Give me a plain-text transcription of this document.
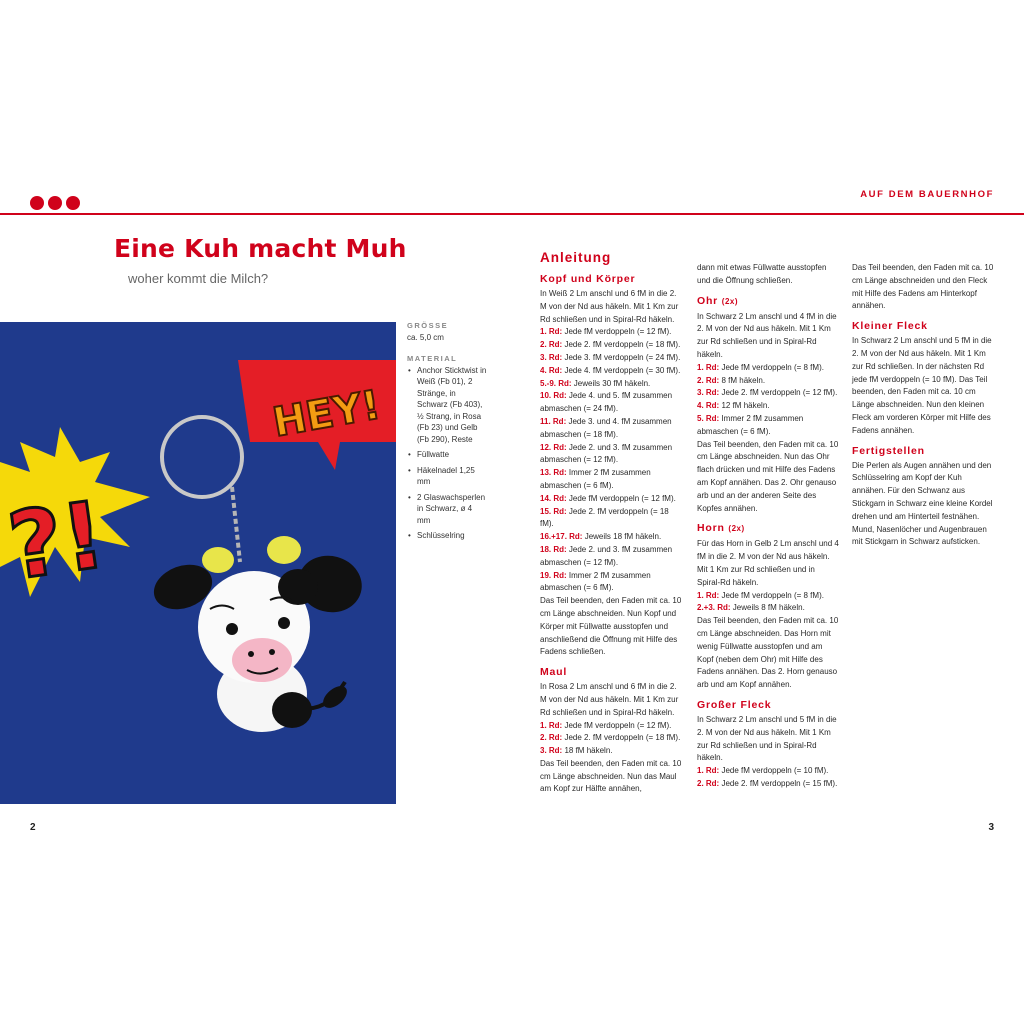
AUF DEM BAUERNHOF
Eine Kuh macht Muh
woher kommt die Milch?
?!
HEY!
GRÖSSE
ca. 5,0 cm
MATERIAL
• Anchor Sticktwist in Weiß (Fb 01), 2 Stränge, in Schwarz (Fb 403), ½ Strang, in Rosa (Fb 23) und Gelb (Fb 290), Reste
• Füllwatte
• Häkelnadel 1,25 mm
• 2 Glaswachsperlen in Schwarz, ø 4 mm
• Schlüsselring
Anleitung
Kopf und Körper
In Weiß 2 Lm anschl und 6 fM in die 2. M von der Nd aus häkeln. Mit 1 Km zur Rd schließen und in Spiral-Rd häkeln.
1. Rd: Jede fM verdoppeln (= 12 fM).
2. Rd: Jede 2. fM verdoppeln (= 18 fM).
3. Rd: Jede 3. fM verdoppeln (= 24 fM).
4. Rd: Jede 4. fM verdoppeln (= 30 fM).
5.-9. Rd: Jeweils 30 fM häkeln.
10. Rd: Jede 4. und 5. fM zusammen abmaschen (= 24 fM).
11. Rd: Jede 3. und 4. fM zusammen abmaschen (= 18 fM).
12. Rd: Jede 2. und 3. fM zusammen abmaschen (= 12 fM).
13. Rd: Immer 2 fM zusammen abmaschen (= 6 fM).
14. Rd: Jede fM verdoppeln (= 12 fM).
15. Rd: Jede 2. fM verdoppeln (= 18 fM).
16.+17. Rd: Jeweils 18 fM häkeln.
18. Rd: Jede 2. und 3. fM zusammen abmaschen (= 12 fM).
19. Rd: Immer 2 fM zusammen abmaschen (= 6 fM).
Das Teil beenden, den Faden mit ca. 10 cm Länge abschneiden. Nun Kopf und Körper mit Füllwatte ausstopfen und anschließend die Öffnung mit Hilfe des Fadens schließen.
Maul
In Rosa 2 Lm anschl und 6 fM in die 2. M von der Nd aus häkeln. Mit 1 Km zur Rd schließen und in Spiral-Rd häkeln.
1. Rd: Jede fM verdoppeln (= 12 fM).
2. Rd: Jede 2. fM verdoppeln (= 18 fM).
3. Rd: 18 fM häkeln.
Das Teil beenden, den Faden mit ca. 10 cm Länge abschneiden. Nun das Maul am Kopf zur Hälfte annähen,
dann mit etwas Füllwatte ausstopfen und die Öffnung schließen.
Ohr (2x)
In Schwarz 2 Lm anschl und 4 fM in die 2. M von der Nd aus häkeln. Mit 1 Km zur Rd schließen und in Spiral-Rd häkeln.
1. Rd: Jede fM verdoppeln (= 8 fM).
2. Rd: 8 fM häkeln.
3. Rd: Jede 2. fM verdoppeln (= 12 fM).
4. Rd: 12 fM häkeln.
5. Rd: Immer 2 fM zusammen abmaschen (= 6 fM).
Das Teil beenden, den Faden mit ca. 10 cm Länge abschneiden. Nun das Ohr flach drücken und mit Hilfe des Fadens am Kopf annähen. Das 2. Ohr genauso arb und an der anderen Seite des Kopfes annähen.
Horn (2x)
Für das Horn in Gelb 2 Lm anschl und 4 fM in die 2. M von der Nd aus häkeln. Mit 1 Km zur Rd schließen und in Spiral-Rd häkeln.
1. Rd: Jede fM verdoppeln (= 8 fM).
2.+3. Rd: Jeweils 8 fM häkeln.
Das Teil beenden, den Faden mit ca. 10 cm Länge abschneiden. Das Horn mit wenig Füllwatte ausstopfen und am Kopf (neben dem Ohr) mit Hilfe des Fadens annähen. Das 2. Horn genauso arb und am Kopf annähen.
Großer Fleck
In Schwarz 2 Lm anschl und 5 fM in die 2. M von der Nd aus häkeln. Mit 1 Km zur Rd schließen und in Spiral-Rd häkeln.
1. Rd: Jede fM verdoppeln (= 10 fM).
2. Rd: Jede 2. fM verdoppeln (= 15 fM).
Das Teil beenden, den Faden mit ca. 10 cm Länge abschneiden und den Fleck mit Hilfe des Fadens am Hinterkopf annähen.
Kleiner Fleck
In Schwarz 2 Lm anschl und 5 fM in die 2. M von der Nd aus häkeln. Mit 1 Km zur Rd schließen. In der nächsten Rd jede fM verdoppeln (= 10 fM). Das Teil beenden, den Faden mit ca. 10 cm Länge abschneiden. Nun den kleinen Fleck am vorderen Körper mit Hilfe des Fadens annähen.
Fertigstellen
Die Perlen als Augen annähen und den Schlüsselring am Kopf der Kuh annähen. Für den Schwanz aus Stickgarn in Schwarz eine kleine Kordel drehen und am Hinterteil festnähen. Mund, Nasenlöcher und Augenbrauen mit Stickgarn in Schwarz aufsticken.
2	3
